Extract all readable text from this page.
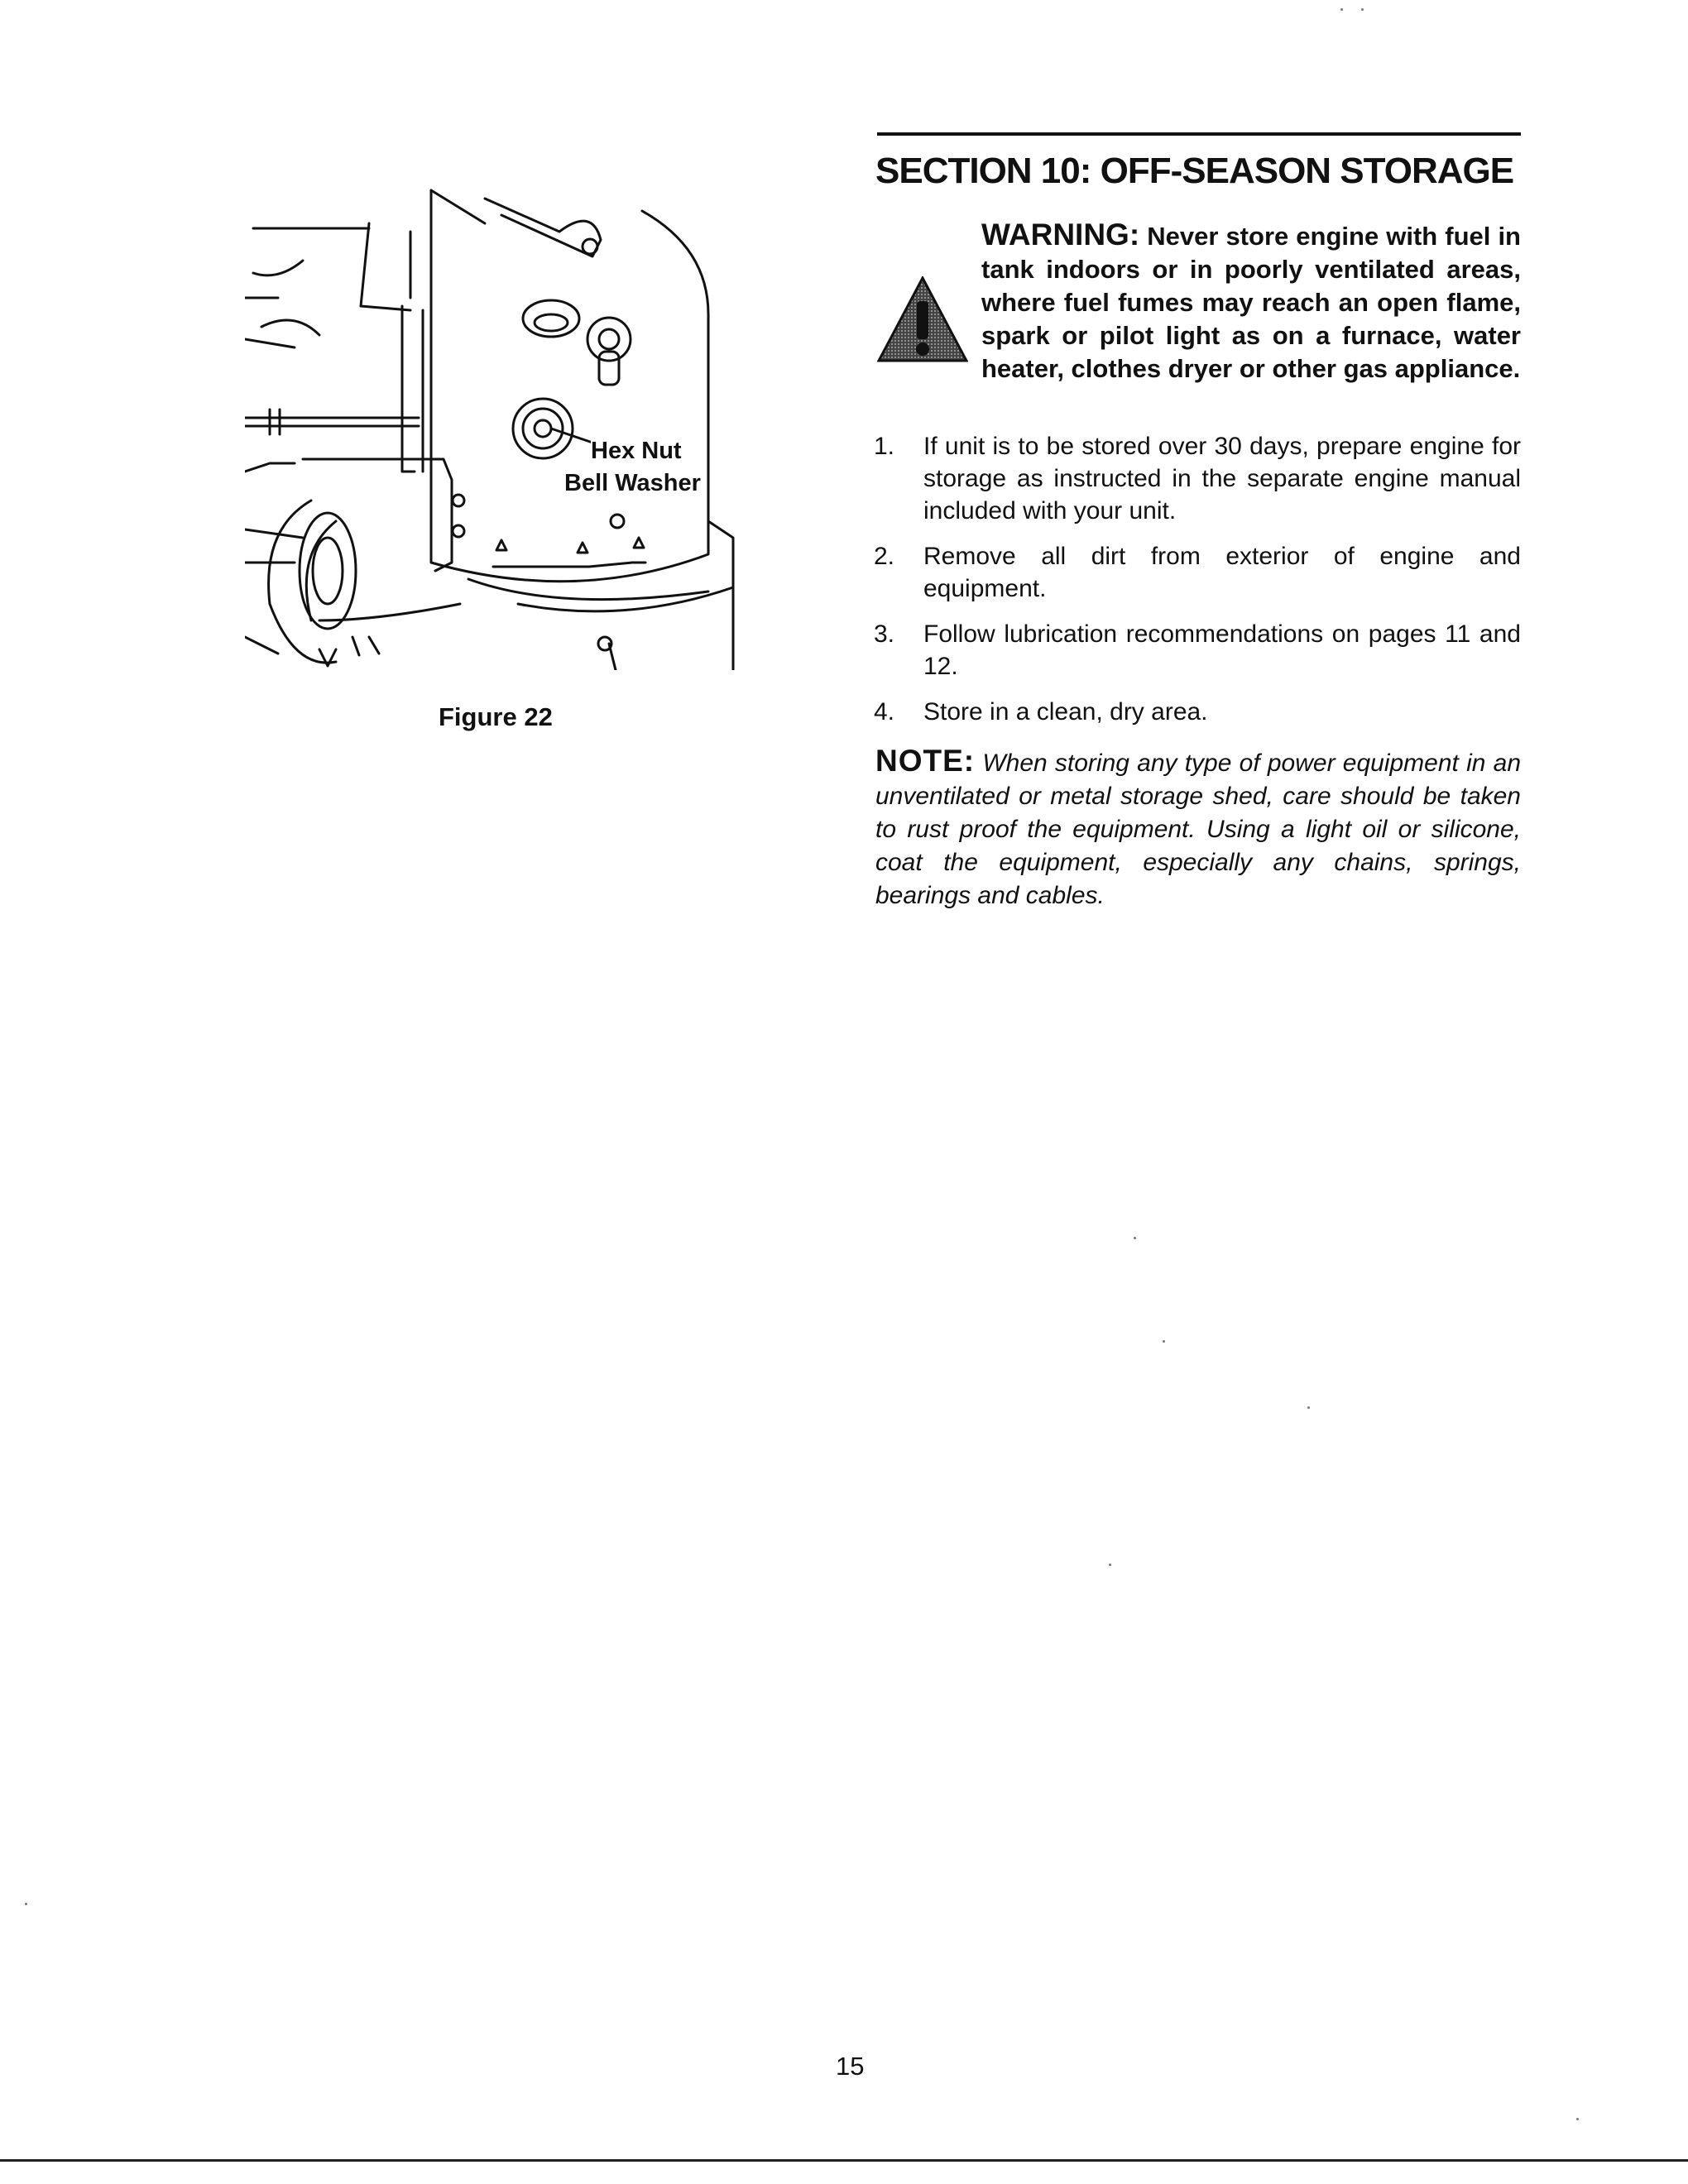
Hex Nut
Bell Washer
Figure 22
SECTION 10: OFF-SEASON STORAGE
WARNING: Never store engine with fuel in tank indoors or in poorly ventilated areas, where fuel fumes may reach an open flame, spark or pilot light as on a furnace, water heater, clothes dryer or other gas appliance.
1. If unit is to be stored over 30 days, prepare engine for storage as instructed in the separate engine manual included with your unit.
2. Remove all dirt from exterior of engine and equipment.
3. Follow lubrication recommendations on pages 11 and 12.
4. Store in a clean, dry area.
NOTE: When storing any type of power equipment in an unventilated or metal storage shed, care should be taken to rust proof the equipment. Using a light oil or silicone, coat the equipment, especially any chains, springs, bearings and cables.
15
